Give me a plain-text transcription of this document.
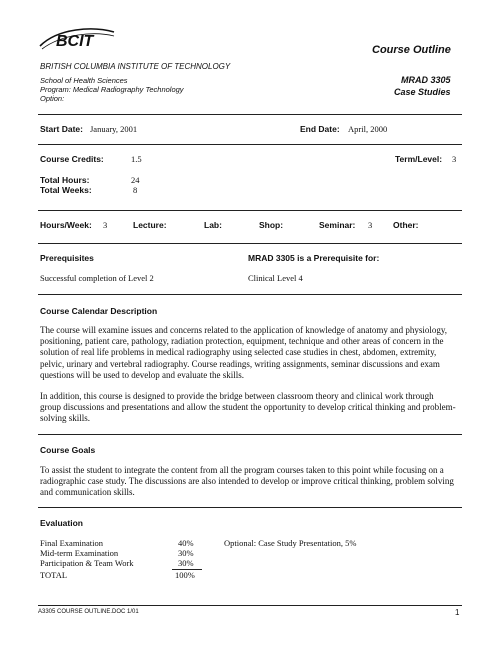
BCIT	Course Outline
BRITISH COLUMBIA INSTITUTE OF TECHNOLOGY
School of Health Sciences
Program: Medical Radiography Technology
Option:
MRAD 3305
Case Studies
Start Date: January, 2001	End Date: April, 2000
Course Credits:	1.5	Term/Level: 3
Total Hours:	24
Total Weeks:	8
Hours/Week: 3	Lecture:	Lab:	Shop:	Seminar: 3 Other:
Prerequisites	MRAD 3305 is a Prerequisite for:
Successful completion of Level 2	Clinical Level 4
Course Calendar Description
The course will examine issues and concerns related to the application of knowledge of anatomy and physiology,
positioning, patient care, pathology, radiation protection, equipment, technique and other areas of concern in the
solution of real life problems in medical radiography using selected case studies in chest, abdomen, extremity,
pelvic, urinary and vertebral radiography. Course readings, writing assignments, seminar discussions and exam
questions will be used to develop and evaluate the skills.
In addition, this course is designed to provide the bridge between classroom theory and clinical work through
group discussions and presentations and allow the student the opportunity to develop critical thinking and problem-
solving skills.
Course Goals
To assist the student to integrate the content from all the program courses taken to this point while focusing on a
radiographic case study. The discussions are also intended to develop or improve critical thinking, problem solving
and communication skills.
Evaluation
Final Examination	40%
Mid-term Examination	30%
Participation & Team Work	30%
TOTAL	100%
Optional: Case Study Presentation, 5%
A3305 COURSE OUTLINE.DOC 1/01	1
